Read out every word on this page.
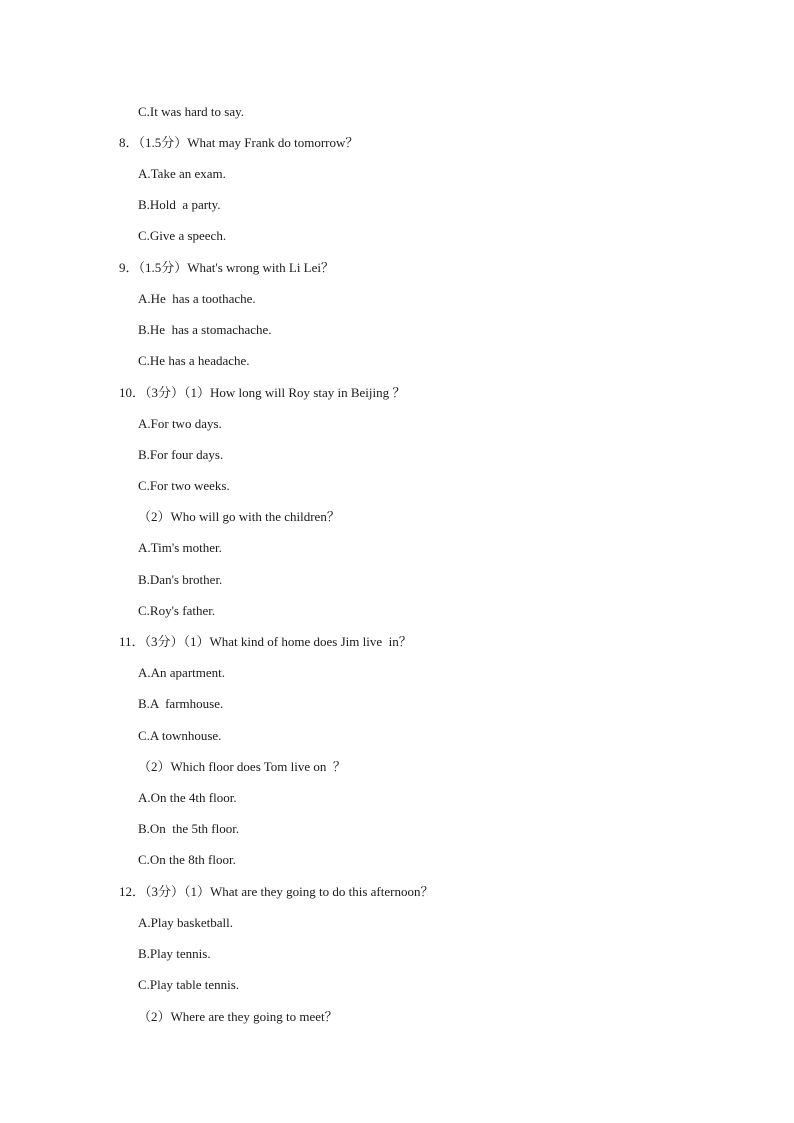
C.It was hard to say.
8．（1.5分）What may Frank do tomorrow？
A.Take an exam.
B.Hold  a party.
C.Give a speech.
9．（1.5分）What's wrong with Li Lei？
A.He  has a toothache.
B.He  has a stomachache.
C.He has a headache.
10．（3分）（1）How long will Roy stay in Beijing ？
A.For two days.
B.For four days.
C.For two weeks.
（2）Who will go with the children？
A.Tim's mother.
B.Dan's brother.
C.Roy's father.
11．（3分）（1）What kind of home does Jim live  in？
A.An apartment.
B.A  farmhouse.
C.A townhouse.
（2）Which floor does Tom live on  ？
A.On the 4th floor.
B.On  the 5th floor.
C.On the 8th floor.
12．（3分）（1）What are they going to do this afternoon？
A.Play basketball.
B.Play tennis.
C.Play table tennis.
（2）Where are they going to meet？
